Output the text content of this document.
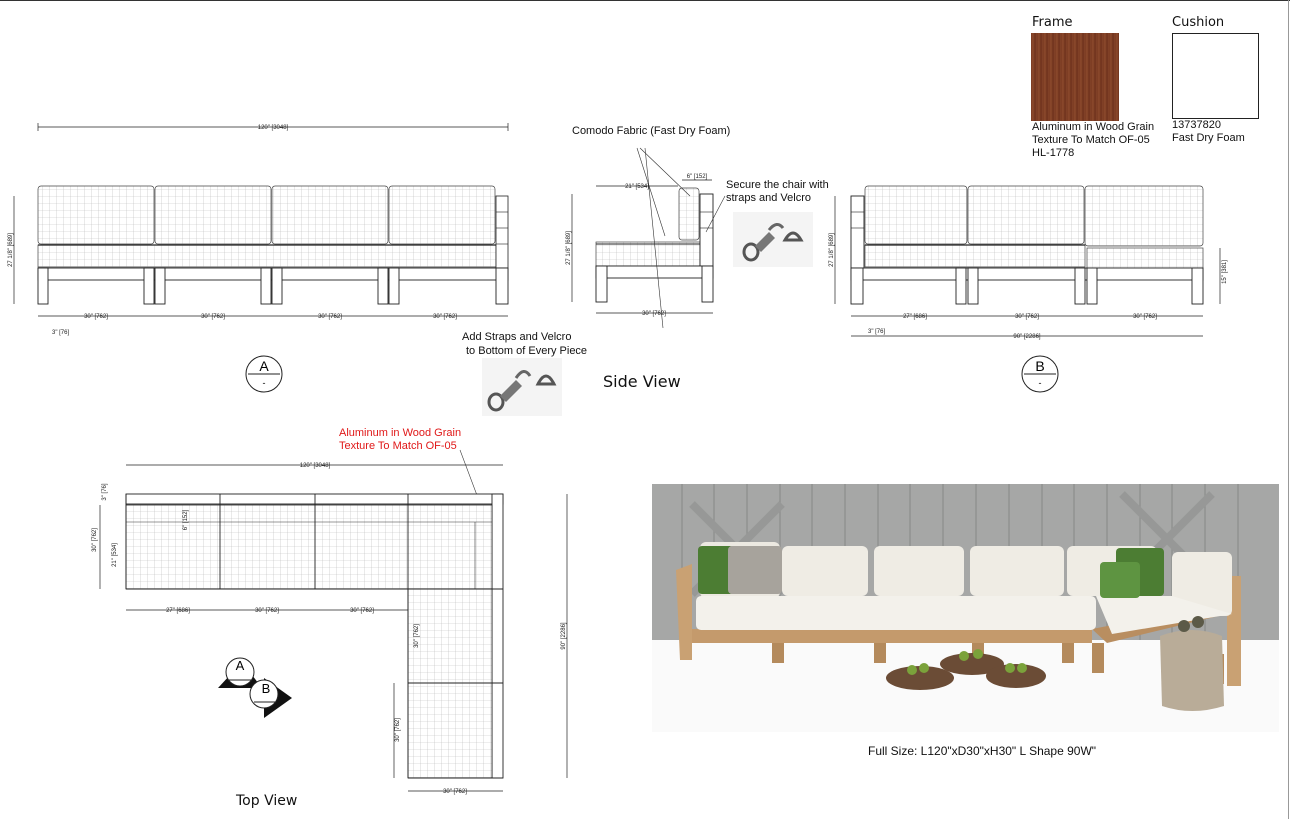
Frame
Aluminum in Wood Grain
Texture To Match OF-05
HL-1778
Cushion
13737820
Fast Dry Foam
120" [3048]
27 1/8" [689]
30" [762]	30" [762]	30" [762]	30" [762]
3" [76]
A
-
21" [534]
6" [152]
27 1/8" [689]
30" [762]
27 1/8" [689]
15" [381]
27" [686]	30" [762]	30" [762]
3" [76]
90" [2286]
B
-
120" [3048]
3" [76]
30" [762]
21" [534]
6" [152]
27" [686]	30" [762]	30" [762]
30" [762]
30" [762]
90" [2286]
30" [762]
A
B
Comodo Fabric (Fast Dry Foam)
Secure the chair with
straps and Velcro
Add Straps and Velcro
to Bottom of Every Piece
Side View
Aluminum in Wood Grain
Texture To Match OF-05
Top View
Full Size: L120"xD30"xH30" L Shape 90W"
